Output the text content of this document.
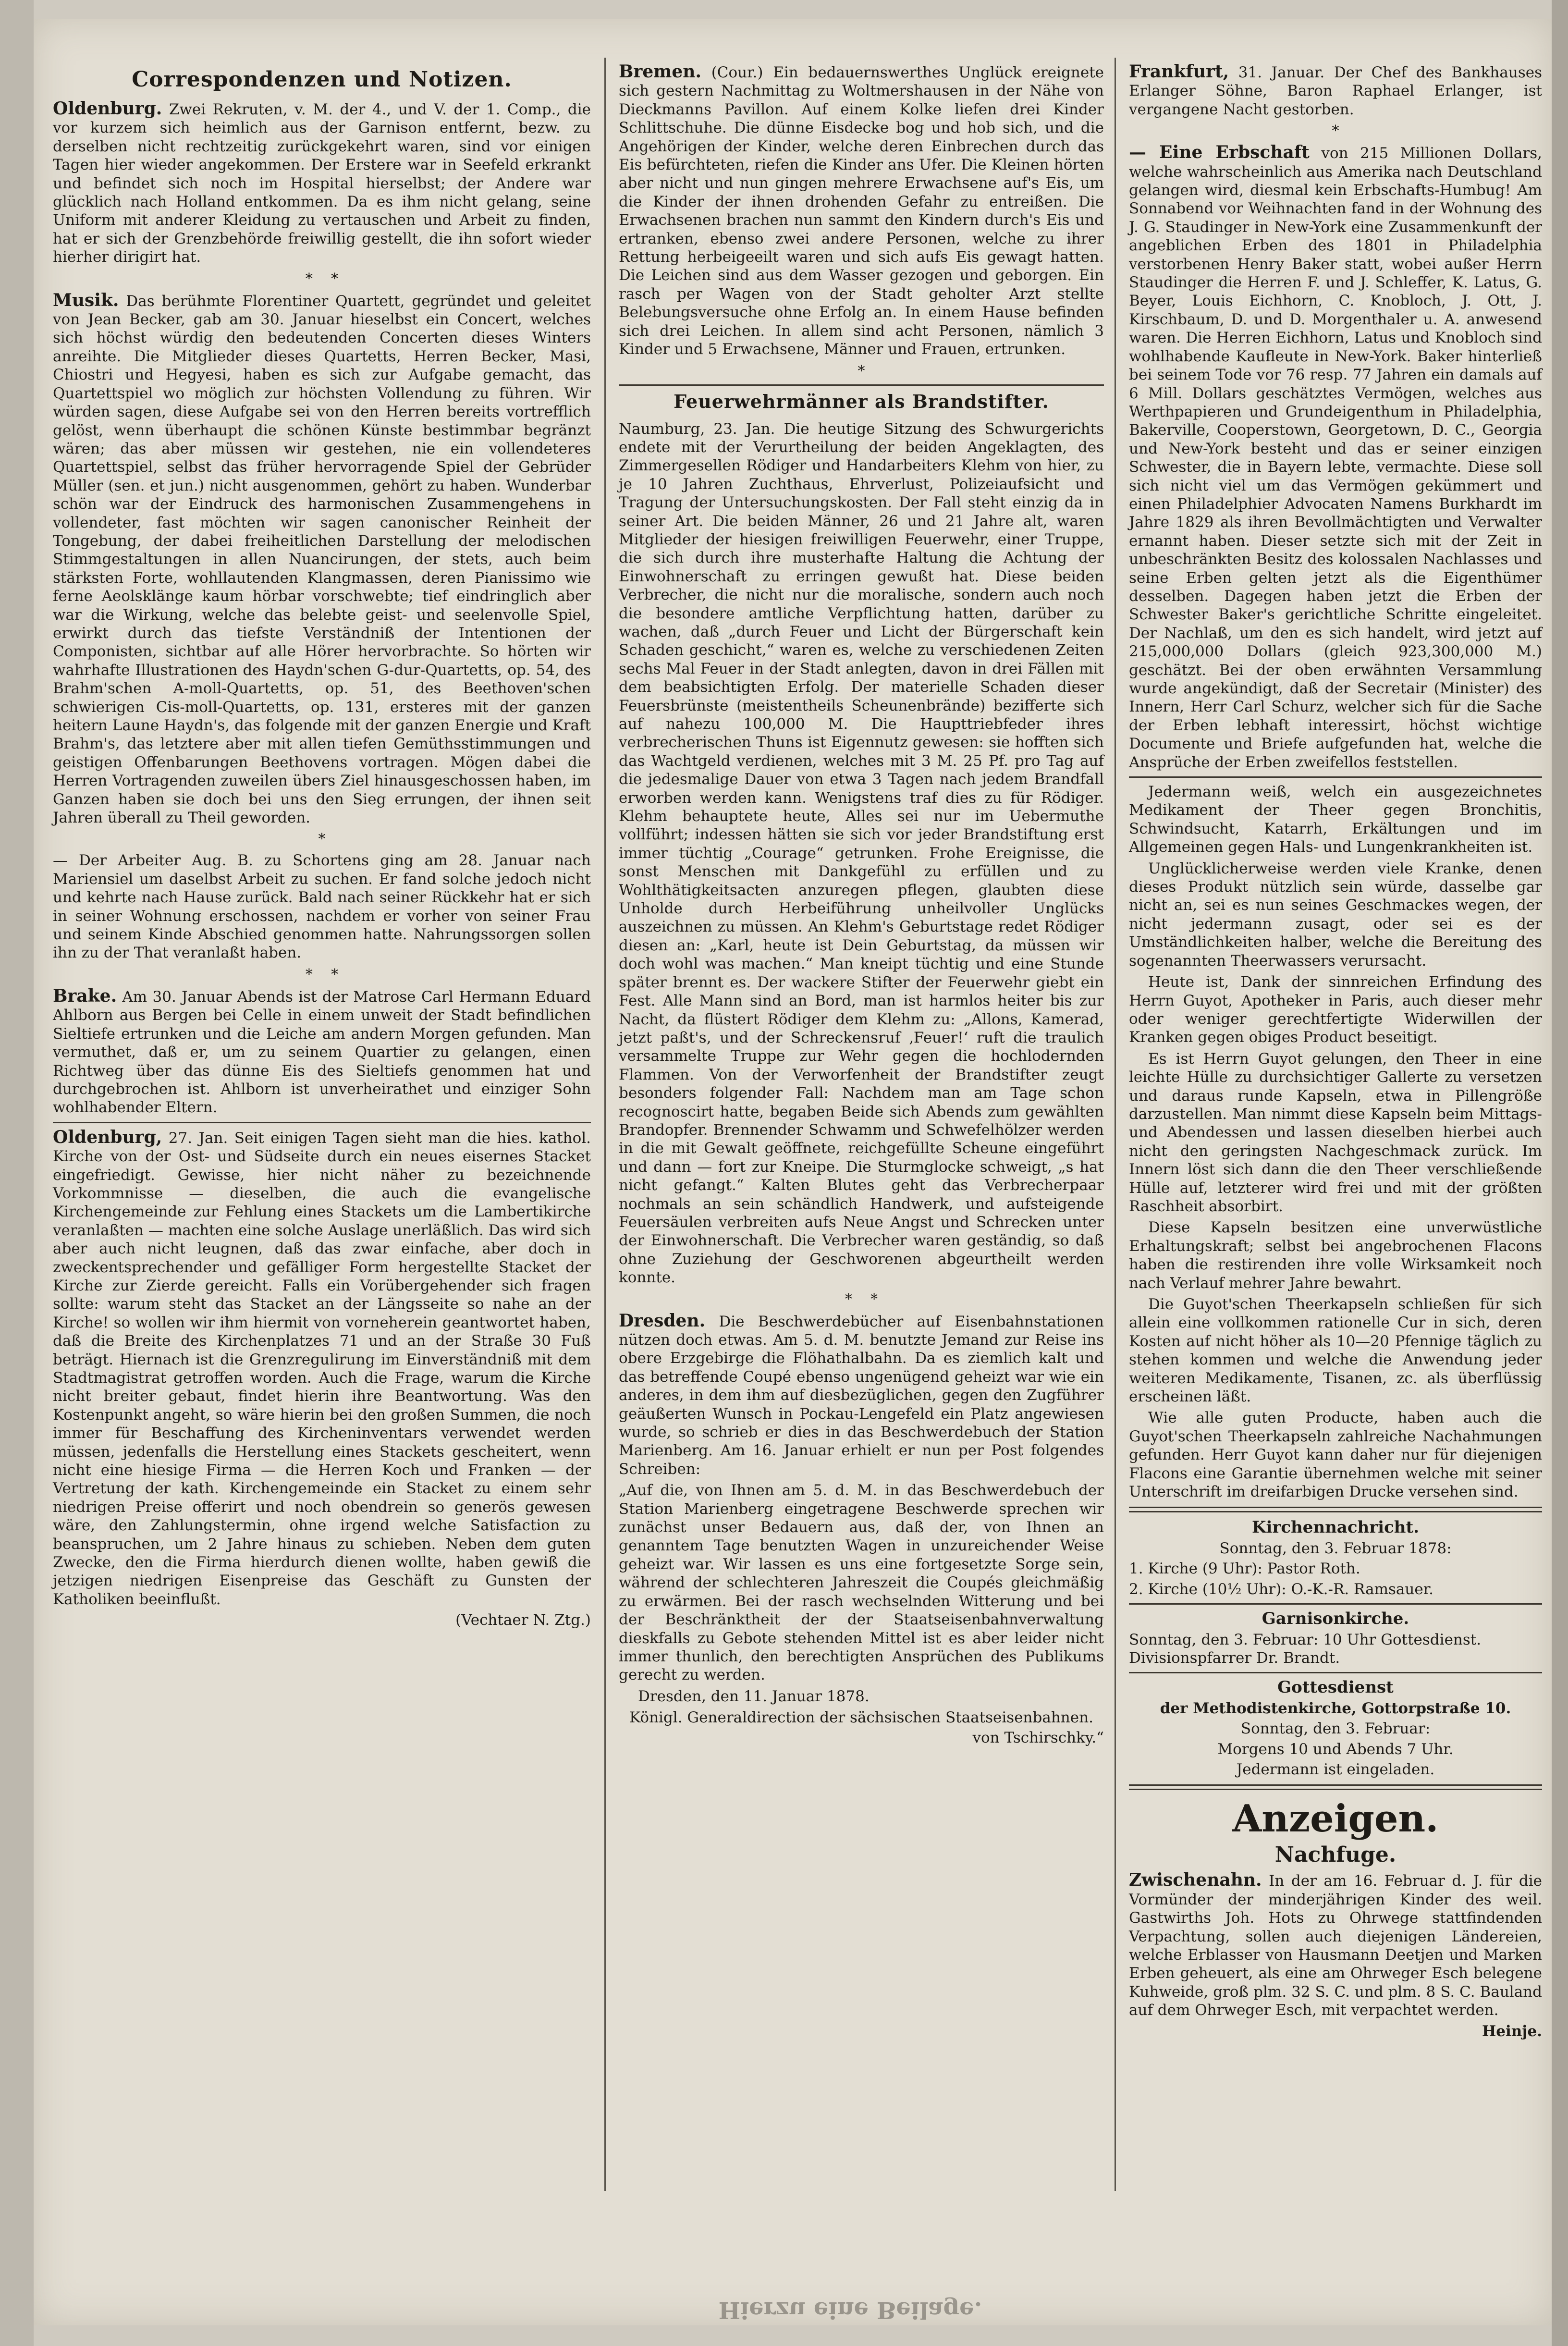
Correspondenzen und Notizen.
Oldenburg. Zwei Rekruten, v. M. der 4., und V. der 1. Comp., die vor kurzem sich heimlich aus der Garnison entfernt, bezw. zu derselben nicht rechtzeitig zurückgekehrt waren, sind vor einigen Tagen hier wieder angekommen. Der Erstere war in Seefeld erkrankt und befindet sich noch im Hospital hierselbst; der Andere war glücklich nach Holland entkommen. Da es ihm nicht gelang, seine Uniform mit anderer Kleidung zu vertauschen und Arbeit zu finden, hat er sich der Grenzbehörde freiwillig gestellt, die ihn sofort wieder hierher dirigirt hat.
*    *
Musik. Das berühmte Florentiner Quartett, gegründet und geleitet von Jean Becker, gab am 30. Januar hieselbst ein Concert, welches sich höchst würdig den bedeutenden Concerten dieses Winters anreihte. Die Mitglieder dieses Quartetts, Herren Becker, Masi, Chiostri und Hegyesi, haben es sich zur Aufgabe gemacht, das Quartettspiel wo möglich zur höchsten Vollendung zu führen. Wir würden sagen, diese Aufgabe sei von den Herren bereits vortrefflich gelöst, wenn überhaupt die schönen Künste bestimmbar begränzt wären; das aber müssen wir gestehen, nie ein vollendeteres Quartettspiel, selbst das früher hervorragende Spiel der Gebrüder Müller (sen. et jun.) nicht ausgenommen, gehört zu haben. Wunderbar schön war der Eindruck des harmonischen Zusammengehens in vollendeter, fast möchten wir sagen canonischer Reinheit der Tongebung, der dabei freiheitlichen Darstellung der melodischen Stimmgestaltungen in allen Nuancirungen, der stets, auch beim stärksten Forte, wohllautenden Klangmassen, deren Pianissimo wie ferne Aeolsklänge kaum hörbar vorschwebte; tief eindringlich aber war die Wirkung, welche das belebte geist- und seelenvolle Spiel, erwirkt durch das tiefste Verständniß der Intentionen der Componisten, sichtbar auf alle Hörer hervorbrachte. So hörten wir wahrhafte Illustrationen des Haydn'schen G-dur-Quartetts, op. 54, des Brahm'schen A-moll-Quartetts, op. 51, des Beethoven'schen schwierigen Cis-moll-Quartetts, op. 131, ersteres mit der ganzen heitern Laune Haydn's, das folgende mit der ganzen Energie und Kraft Brahm's, das letztere aber mit allen tiefen Gemüthsstimmungen und geistigen Offenbarungen Beethovens vortragen. Mögen dabei die Herren Vortragenden zuweilen übers Ziel hinausgeschossen haben, im Ganzen haben sie doch bei uns den Sieg errungen, der ihnen seit Jahren überall zu Theil geworden.
*
— Der Arbeiter Aug. B. zu Schortens ging am 28. Januar nach Mariensiel um daselbst Arbeit zu suchen. Er fand solche jedoch nicht und kehrte nach Hause zurück. Bald nach seiner Rückkehr hat er sich in seiner Wohnung erschossen, nachdem er vorher von seiner Frau und seinem Kinde Abschied genommen hatte. Nahrungssorgen sollen ihn zu der That veranlaßt haben.
*    *
Brake. Am 30. Januar Abends ist der Matrose Carl Hermann Eduard Ahlborn aus Bergen bei Celle in einem unweit der Stadt befindlichen Sieltiefe ertrunken und die Leiche am andern Morgen gefunden. Man vermuthet, daß er, um zu seinem Quartier zu gelangen, einen Richtweg über das dünne Eis des Sieltiefs genommen hat und durchgebrochen ist. Ahlborn ist unverheirathet und einziger Sohn wohlhabender Eltern.
Oldenburg, 27. Jan. Seit einigen Tagen sieht man die hies. kathol. Kirche von der Ost- und Südseite durch ein neues eisernes Stacket eingefriedigt. Gewisse, hier nicht näher zu bezeichnende Vorkommnisse — dieselben, die auch die evangelische Kirchengemeinde zur Fehlung eines Stackets um die Lambertikirche veranlaßten — machten eine solche Auslage unerläßlich. Das wird sich aber auch nicht leugnen, daß das zwar einfache, aber doch in zweckentsprechender und gefälliger Form hergestellte Stacket der Kirche zur Zierde gereicht. Falls ein Vorübergehender sich fragen sollte: warum steht das Stacket an der Längsseite so nahe an der Kirche! so wollen wir ihm hiermit von vorneherein geantwortet haben, daß die Breite des Kirchenplatzes 71 und an der Straße 30 Fuß beträgt. Hiernach ist die Grenzregulirung im Einverständniß mit dem Stadtmagistrat getroffen worden. Auch die Frage, warum die Kirche nicht breiter gebaut, findet hierin ihre Beantwortung. Was den Kostenpunkt angeht, so wäre hierin bei den großen Summen, die noch immer für Beschaffung des Kircheninventars verwendet werden müssen, jedenfalls die Herstellung eines Stackets gescheitert, wenn nicht eine hiesige Firma — die Herren Koch und Franken — der Vertretung der kath. Kirchengemeinde ein Stacket zu einem sehr niedrigen Preise offerirt und noch obendrein so generös gewesen wäre, den Zahlungstermin, ohne irgend welche Satisfaction zu beanspruchen, um 2 Jahre hinaus zu schieben. Neben dem guten Zwecke, den die Firma hierdurch dienen wollte, haben gewiß die jetzigen niedrigen Eisenpreise das Geschäft zu Gunsten der Katholiken beeinflußt.
(Vechtaer N. Ztg.)
Bremen. (Cour.) Ein bedauernswerthes Unglück ereignete sich gestern Nachmittag zu Woltmershausen in der Nähe von Dieckmanns Pavillon. Auf einem Kolke liefen drei Kinder Schlittschuhe. Die dünne Eisdecke bog und hob sich, und die Angehörigen der Kinder, welche deren Einbrechen durch das Eis befürchteten, riefen die Kinder ans Ufer. Die Kleinen hörten aber nicht und nun gingen mehrere Erwachsene auf's Eis, um die Kinder der ihnen drohenden Gefahr zu entreißen. Die Erwachsenen brachen nun sammt den Kindern durch's Eis und ertranken, ebenso zwei andere Personen, welche zu ihrer Rettung herbeigeeilt waren und sich aufs Eis gewagt hatten. Die Leichen sind aus dem Wasser gezogen und geborgen. Ein rasch per Wagen von der Stadt geholter Arzt stellte Belebungsversuche ohne Erfolg an. In einem Hause befinden sich drei Leichen. In allem sind acht Personen, nämlich 3 Kinder und 5 Erwachsene, Männer und Frauen, ertrunken.
*
Feuerwehrmänner als Brandstifter.
Naumburg, 23. Jan. Die heutige Sitzung des Schwurgerichts endete mit der Verurtheilung der beiden Angeklagten, des Zimmergesellen Rödiger und Handarbeiters Klehm von hier, zu je 10 Jahren Zuchthaus, Ehrverlust, Polizeiaufsicht und Tragung der Untersuchungskosten. Der Fall steht einzig da in seiner Art. Die beiden Männer, 26 und 21 Jahre alt, waren Mitglieder der hiesigen freiwilligen Feuerwehr, einer Truppe, die sich durch ihre musterhafte Haltung die Achtung der Einwohnerschaft zu erringen gewußt hat. Diese beiden Verbrecher, die nicht nur die moralische, sondern auch noch die besondere amtliche Verpflichtung hatten, darüber zu wachen, daß „durch Feuer und Licht der Bürgerschaft kein Schaden geschicht,“ waren es, welche zu verschiedenen Zeiten sechs Mal Feuer in der Stadt anlegten, davon in drei Fällen mit dem beabsichtigten Erfolg. Der materielle Schaden dieser Feuersbrünste (meistentheils Scheunenbrände) bezifferte sich auf nahezu 100,000 M. Die Haupttriebfeder ihres verbrecherischen Thuns ist Eigennutz gewesen: sie hofften sich das Wachtgeld verdienen, welches mit 3 M. 25 Pf. pro Tag auf die jedesmalige Dauer von etwa 3 Tagen nach jedem Brandfall erworben werden kann. Wenigstens traf dies zu für Rödiger. Klehm behauptete heute, Alles sei nur im Uebermuthe vollführt; indessen hätten sie sich vor jeder Brandstiftung erst immer tüchtig „Courage“ getrunken. Frohe Ereignisse, die sonst Menschen mit Dankgefühl zu erfüllen und zu Wohlthätigkeitsacten anzuregen pflegen, glaubten diese Unholde durch Herbeiführung unheilvoller Unglücks auszeichnen zu müssen. An Klehm's Geburtstage redet Rödiger diesen an: „Karl, heute ist Dein Geburtstag, da müssen wir doch wohl was machen.“ Man kneipt tüchtig und eine Stunde später brennt es. Der wackere Stifter der Feuerwehr giebt ein Fest. Alle Mann sind an Bord, man ist harmlos heiter bis zur Nacht, da flüstert Rödiger dem Klehm zu: „Allons, Kamerad, jetzt paßt's, und der Schreckensruf ‚Feuer!‘ ruft die traulich versammelte Truppe zur Wehr gegen die hochlodernden Flammen. Von der Verworfenheit der Brandstifter zeugt besonders folgender Fall: Nachdem man am Tage schon recognoscirt hatte, begaben Beide sich Abends zum gewählten Brandopfer. Brennender Schwamm und Schwefelhölzer werden in die mit Gewalt geöffnete, reichgefüllte Scheune eingeführt und dann — fort zur Kneipe. Die Sturmglocke schweigt, „s hat nicht gefangt.“ Kalten Blutes geht das Verbrecherpaar nochmals an sein schändlich Handwerk, und aufsteigende Feuersäulen verbreiten aufs Neue Angst und Schrecken unter der Einwohnerschaft. Die Verbrecher waren geständig, so daß ohne Zuziehung der Geschworenen abgeurtheilt werden konnte.
*    *
Dresden. Die Beschwerdebücher auf Eisenbahnstationen nützen doch etwas. Am 5. d. M. benutzte Jemand zur Reise ins obere Erzgebirge die Flöhathalbahn. Da es ziemlich kalt und das betreffende Coupé ebenso ungenügend geheizt war wie ein anderes, in dem ihm auf diesbezüglichen, gegen den Zugführer geäußerten Wunsch in Pockau-Lengefeld ein Platz angewiesen wurde, so schrieb er dies in das Beschwerdebuch der Station Marienberg. Am 16. Januar erhielt er nun per Post folgendes Schreiben:
„Auf die, von Ihnen am 5. d. M. in das Beschwerdebuch der Station Marienberg eingetragene Beschwerde sprechen wir zunächst unser Bedauern aus, daß der, von Ihnen an genanntem Tage benutzten Wagen in unzureichender Weise geheizt war. Wir lassen es uns eine fortgesetzte Sorge sein, während der schlechteren Jahreszeit die Coupés gleichmäßig zu erwärmen. Bei der rasch wechselnden Witterung und bei der Beschränktheit der der Staatseisenbahnverwaltung dieskfalls zu Gebote stehenden Mittel ist es aber leider nicht immer thunlich, den berechtigten Ansprüchen des Publikums gerecht zu werden.
Dresden, den 11. Januar 1878.
Königl. Generaldirection der sächsischen Staatseisenbahnen.
von Tschirschky.“
Frankfurt, 31. Januar. Der Chef des Bankhauses Erlanger Söhne, Baron Raphael Erlanger, ist vergangene Nacht gestorben.
*
— Eine Erbschaft von 215 Millionen Dollars, welche wahrscheinlich aus Amerika nach Deutschland gelangen wird, diesmal kein Erbschafts-Humbug! Am Sonnabend vor Weihnachten fand in der Wohnung des J. G. Staudinger in New-York eine Zusammenkunft der angeblichen Erben des 1801 in Philadelphia verstorbenen Henry Baker statt, wobei außer Herrn Staudinger die Herren F. und J. Schleffer, K. Latus, G. Beyer, Louis Eichhorn, C. Knobloch, J. Ott, J. Kirschbaum, D. und D. Morgenthaler u. A. anwesend waren. Die Herren Eichhorn, Latus und Knobloch sind wohlhabende Kaufleute in New-York. Baker hinterließ bei seinem Tode vor 76 resp. 77 Jahren ein damals auf 6 Mill. Dollars geschätztes Vermögen, welches aus Werthpapieren und Grundeigenthum in Philadelphia, Bakerville, Cooperstown, Georgetown, D. C., Georgia und New-York besteht und das er seiner einzigen Schwester, die in Bayern lebte, vermachte. Diese soll sich nicht viel um das Vermögen gekümmert und einen Philadelphier Advocaten Namens Burkhardt im Jahre 1829 als ihren Bevollmächtigten und Verwalter ernannt haben. Dieser setzte sich mit der Zeit in unbeschränkten Besitz des kolossalen Nachlasses und seine Erben gelten jetzt als die Eigenthümer desselben. Dagegen haben jetzt die Erben der Schwester Baker's gerichtliche Schritte eingeleitet. Der Nachlaß, um den es sich handelt, wird jetzt auf 215,000,000 Dollars (gleich 923,300,000 M.) geschätzt. Bei der oben erwähnten Versammlung wurde angekündigt, daß der Secretair (Minister) des Innern, Herr Carl Schurz, welcher sich für die Sache der Erben lebhaft interessirt, höchst wichtige Documente und Briefe aufgefunden hat, welche die Ansprüche der Erben zweifellos feststellen.
Jedermann weiß, welch ein ausgezeichnetes Medikament der Theer gegen Bronchitis, Schwindsucht, Katarrh, Erkältungen und im Allgemeinen gegen Hals- und Lungenkrankheiten ist.
Unglücklicherweise werden viele Kranke, denen dieses Produkt nützlich sein würde, dasselbe gar nicht an, sei es nun seines Geschmackes wegen, der nicht jedermann zusagt, oder sei es der Umständlichkeiten halber, welche die Bereitung des sogenannten Theerwassers verursacht.
Heute ist, Dank der sinnreichen Erfindung des Herrn Guyot, Apotheker in Paris, auch dieser mehr oder weniger gerechtfertigte Widerwillen der Kranken gegen obiges Product beseitigt.
Es ist Herrn Guyot gelungen, den Theer in eine leichte Hülle zu durchsichtiger Gallerte zu versetzen und daraus runde Kapseln, etwa in Pillengröße darzustellen. Man nimmt diese Kapseln beim Mittags- und Abendessen und lassen dieselben hierbei auch nicht den geringsten Nachgeschmack zurück. Im Innern löst sich dann die den Theer verschließende Hülle auf, letzterer wird frei und mit der größten Raschheit absorbirt.
Diese Kapseln besitzen eine unverwüstliche Erhaltungskraft; selbst bei angebrochenen Flacons haben die restirenden ihre volle Wirksamkeit noch nach Verlauf mehrer Jahre bewahrt.
Die Guyot'schen Theerkapseln schließen für sich allein eine vollkommen rationelle Cur in sich, deren Kosten auf nicht höher als 10—20 Pfennige täglich zu stehen kommen und welche die Anwendung jeder weiteren Medikamente, Tisanen, zc. als überflüssig erscheinen läßt.
Wie alle guten Producte, haben auch die Guyot'schen Theerkapseln zahlreiche Nachahmungen gefunden. Herr Guyot kann daher nur für diejenigen Flacons eine Garantie übernehmen welche mit seiner Unterschrift im dreifarbigen Drucke versehen sind.
Kirchennachricht.
Sonntag, den 3. Februar 1878:
1. Kirche (9 Uhr): Pastor Roth.
2. Kirche (10½ Uhr): O.-K.-R. Ramsauer.
Garnisonkirche.
Sonntag, den 3. Februar: 10 Uhr Gottesdienst. Divisionspfarrer Dr. Brandt.
Gottesdienst
der Methodistenkirche, Gottorpstraße 10.
Sonntag, den 3. Februar:
Morgens 10 und Abends 7 Uhr.
Jedermann ist eingeladen.
Anzeigen.
Nachfuge.
Zwischenahn. In der am 16. Februar d. J. für die Vormünder der minderjährigen Kinder des weil. Gastwirths Joh. Hots zu Ohrwege stattfindenden Verpachtung, sollen auch diejenigen Ländereien, welche Erblasser von Hausmann Deetjen und Marken Erben geheuert, als eine am Ohrweger Esch belegene Kuhweide, groß plm. 32 S. C. und plm. 8 S. C. Bauland auf dem Ohrweger Esch, mit verpachtet werden.
Heinje.
Hierzu eine Beilage.
